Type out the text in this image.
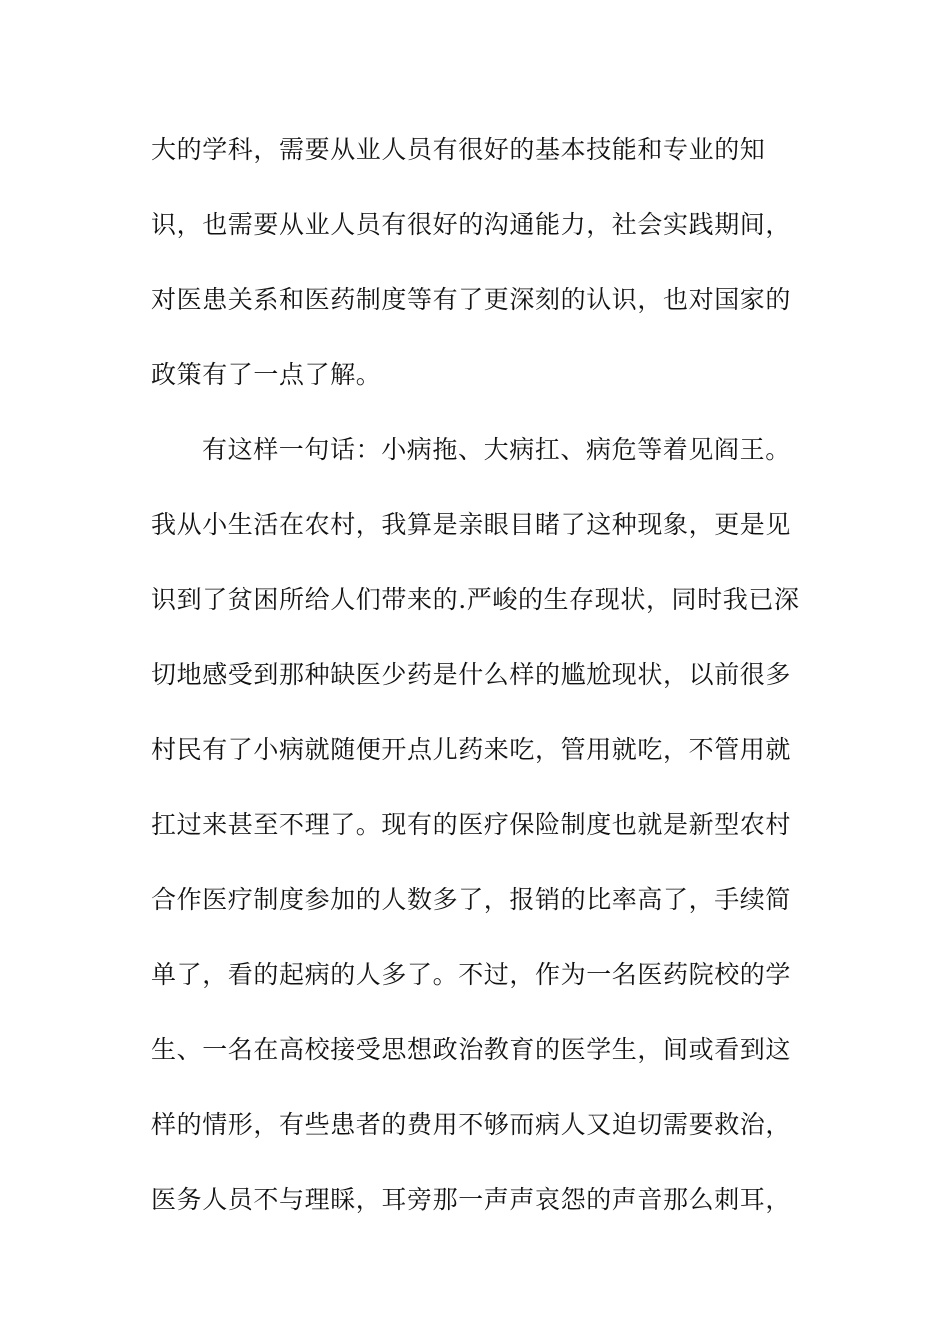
大的学科，需要从业人员有很好的基本技能和专业的知
识，也需要从业人员有很好的沟通能力，社会实践期间，
对医患关系和医药制度等有了更深刻的认识，也对国家的
政策有了一点了解。
有这样一句话：小病拖、大病扛、病危等着见阎王。
我从小生活在农村，我算是亲眼目睹了这种现象，更是见
识到了贫困所给人们带来的.严峻的生存现状，同时我已深
切地感受到那种缺医少药是什么样的尴尬现状，以前很多
村民有了小病就随便开点儿药来吃，管用就吃，不管用就
扛过来甚至不理了。现有的医疗保险制度也就是新型农村
合作医疗制度参加的人数多了，报销的比率高了，手续简
单了，看的起病的人多了。不过，作为一名医药院校的学
生、一名在高校接受思想政治教育的医学生，间或看到这
样的情形，有些患者的费用不够而病人又迫切需要救治，
医务人员不与理睬，耳旁那一声声哀怨的声音那么刺耳，
